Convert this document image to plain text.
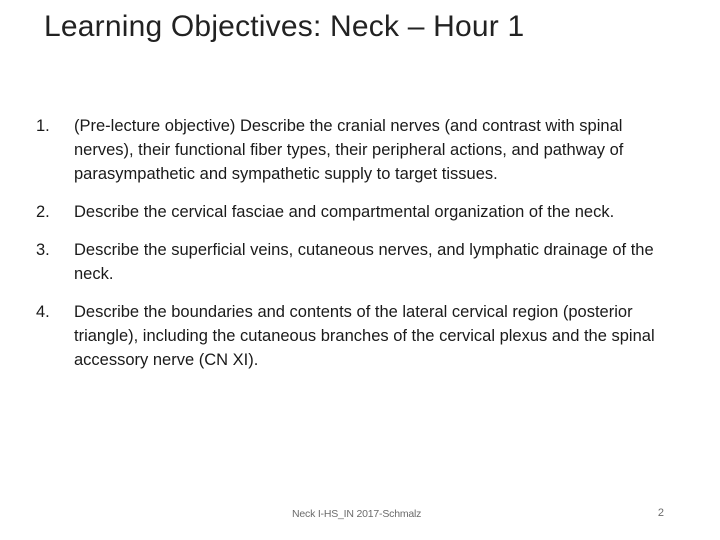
Learning Objectives: Neck – Hour 1
1.	(Pre-lecture objective) Describe the cranial nerves (and contrast with spinal nerves), their functional fiber types, their peripheral actions, and pathway of parasympathetic and sympathetic supply to target tissues.
2.	Describe the cervical fasciae and compartmental organization of the neck.
3.	Describe the superficial veins, cutaneous nerves, and lymphatic drainage of the neck.
4.	Describe the boundaries and contents of the lateral cervical region (posterior triangle), including the cutaneous branches of the cervical plexus and the spinal accessory nerve (CN XI).
Neck I-HS_IN 2017-Schmalz	2
